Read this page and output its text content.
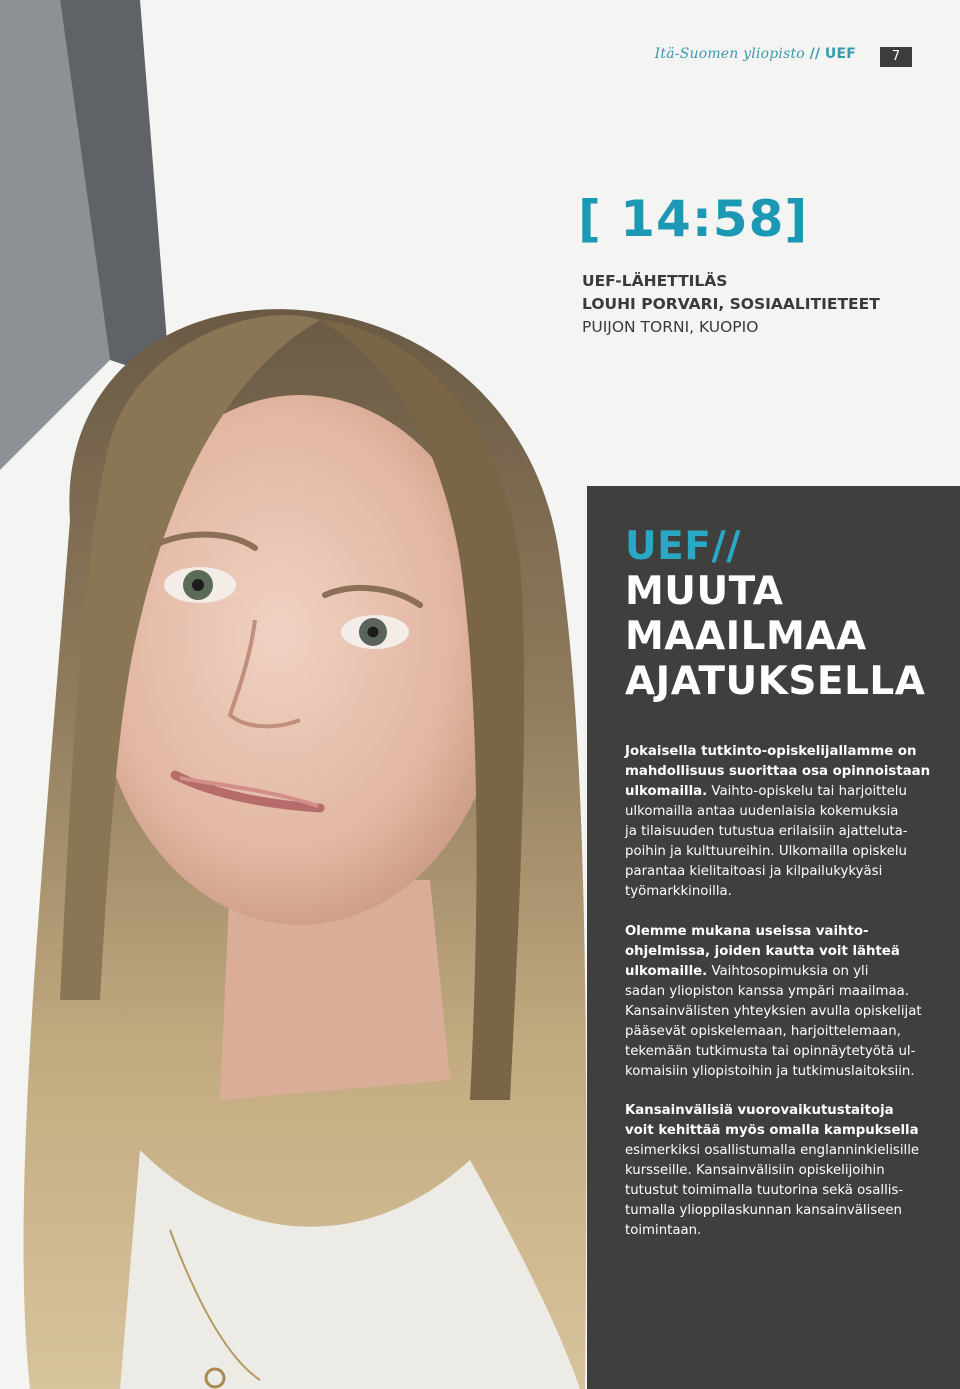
Itä-Suomen yliopisto // UEF	7
[ 14:58]
UEF-LÄHETTILÄS
LOUHI PORVARI, SOSIAALITIETEET
PUIJON TORNI, KUOPIO
UEF//
MUUTA
MAAILMAA
AJATUKSELLA
Jokaisella tutkinto-opiskelijallamme on
mahdollisuus suorittaa osa opinnoistaan
ulkomailla. Vaihto-opiskelu tai harjoittelu
ulkomailla antaa uudenlaisia kokemuksia
ja tilaisuuden tutustua erilaisiin ajatteluta-
poihin ja kulttuureihin. Ulkomailla opiskelu
parantaa kielitaitoasi ja kilpailukykyäsi
työmarkkinoilla.
Olemme mukana useissa vaihto-
ohjelmissa, joiden kautta voit lähteä
ulkomaille. Vaihtosopimuksia on yli
sadan yliopiston kanssa ympäri maailmaa.
Kansainvälisten yhteyksien avulla opiskelijat
pääsevät opiskelemaan, harjoittelemaan,
tekemään tutkimusta tai opinnäytetyötä ul-
komaisiin yliopistoihin ja tutkimuslaitoksiin.
Kansainvälisiä vuorovaikutustaitoja
voit kehittää myös omalla kampuksella
esimerkiksi osallistumalla englanninkielisille
kursseille. Kansainvälisiin opiskelijoihin
tutustut toimimalla tuutorina sekä osallis-
tumalla ylioppilaskunnan kansainväliseen
toimintaan.
